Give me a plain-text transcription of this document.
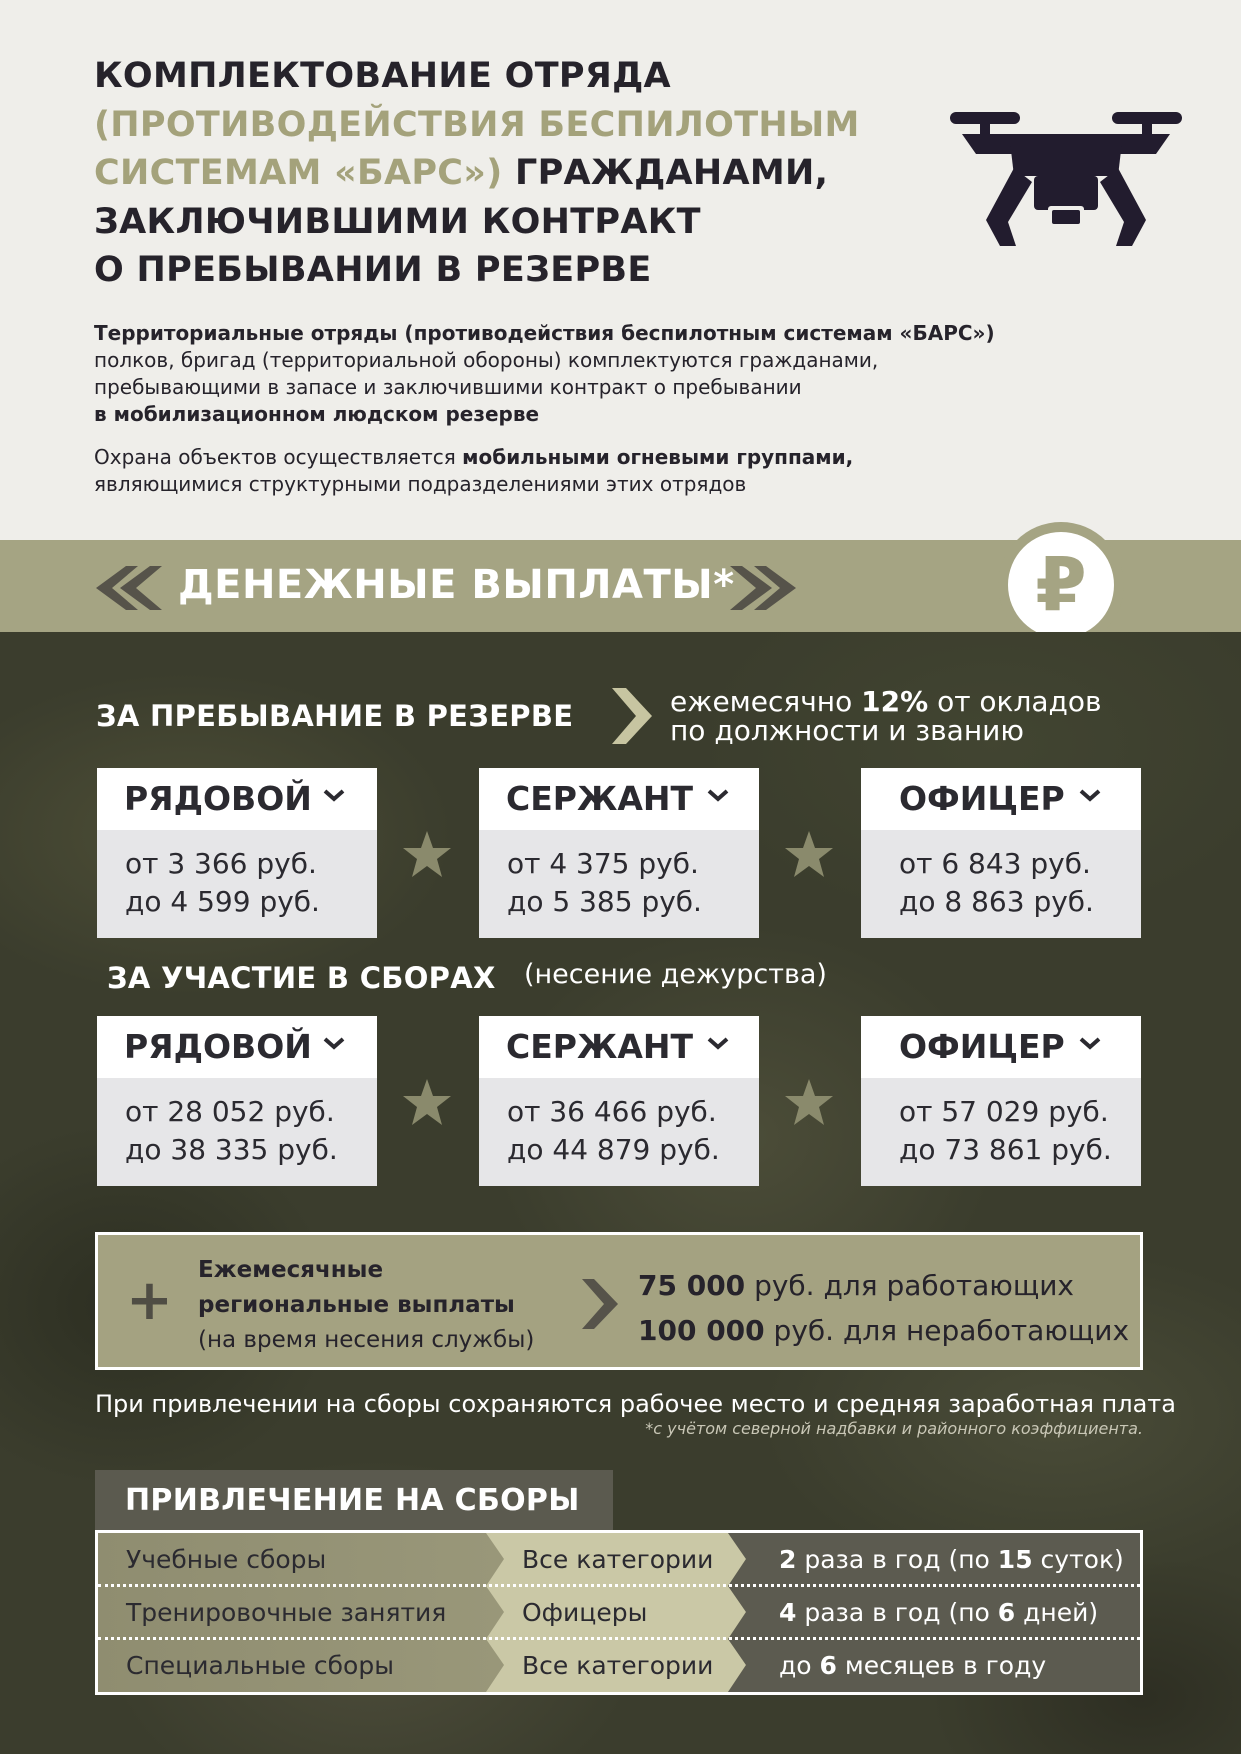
КОМПЛЕКТОВАНИЕ ОТРЯДА
(ПРОТИВОДЕЙСТВИЯ БЕСПИЛОТНЫМ
СИСТЕМАМ «БАРС») ГРАЖДАНАМИ,
ЗАКЛЮЧИВШИМИ КОНТРАКТ
О ПРЕБЫВАНИИ В РЕЗЕРВЕ

Территориальные отряды (противодействия беспилотным системам «БАРС»)
полков, бригад (территориальной обороны) комплектуются гражданами,
пребывающими в запасе и заключившими контракт о пребывании
в мобилизационном людском резерве

Охрана объектов осуществляется мобильными огневыми группами,
являющимися структурными подразделениями этих отрядов

ДЕНЕЖНЫЕ ВЫПЛАТЫ*	₽
ЗА ПРЕБЫВАНИЕ В РЕЗЕРВЕ	ежемесячно 12% от окладов
по должности и званию
РЯДОВОЙ
от 3 366 руб.
до 4 599 руб.
СЕРЖАНТ
от 4 375 руб.
до 5 385 руб.
ОФИЦЕР
от 6 843 руб.
до 8 863 руб.
ЗА УЧАСТИЕ В СБОРАХ (несение дежурства)
РЯДОВОЙ
от 28 052 руб.
до 38 335 руб.
СЕРЖАНТ
от 36 466 руб.
до 44 879 руб.
ОФИЦЕР
от 57 029 руб.
до 73 861 руб.
+ Ежемесячные
региональные выплаты
(на время несения службы)
75 000 руб. для работающих
100 000 руб. для неработающих
При привлечении на сборы сохраняются рабочее место и средняя заработная плата
*с учётом северной надбавки и районного коэффициента.
ПРИВЛЕЧЕНИЕ НА СБОРЫ
Учебные сборы	Все категории	2 раза в год (по 15 суток)
Тренировочные занятия	Офицеры	4 раза в год (по 6 дней)
Специальные сборы	Все категории	до 6 месяцев в году
